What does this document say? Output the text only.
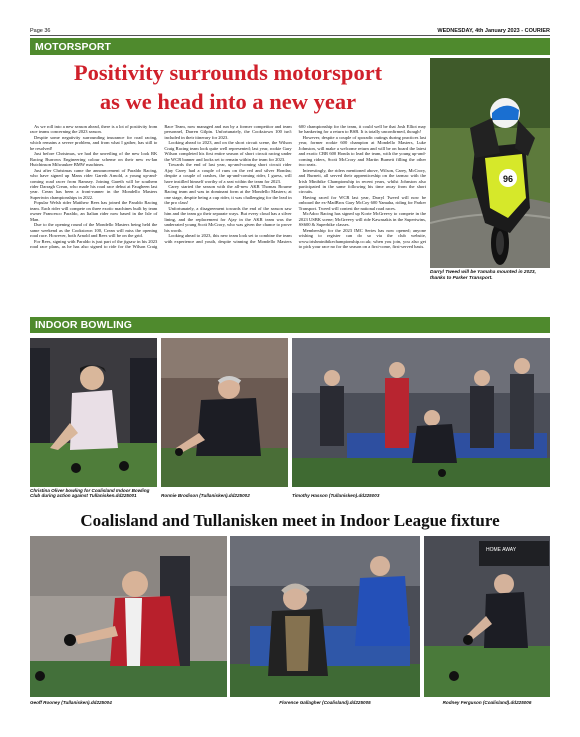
Page 36	WEDNESDAY, 4th January 2023 - COURIER
MOTORSPORT
Positivity surrounds motorsport
as we head into a new year

As we roll into a new season ahead, there is a lot of positivity from race teams concerning the 2023 season.

Despite some negativity surrounding insurance for road racing, which remains a severe problem, and from what I gather, has still to be resolved!

Just before Christmas, we had the unveiling of the new look RK Racing Burrows Engineering colour scheme on their new ex-Ian Hutchinson Milwaukee BMW machines.

Just after Christmas came the announcement of Paraldo Racing, who have signed up Manx rider Gareth Arnold, a young up-and-coming road racer from Ramsey. Joining Gareth will be southern rider Darragh Crean, who made his road race debut at Faugheen last year. Crean has been a front-runner in the Mondello Masters Supertwin championships in 2022.

Popular Welsh rider Matthew Rees has joined the Paraldo Racing team. Each rider will compete on three exotic machines built by team owner Francesco Paraldo, an Italian rider now based in the Isle of Man.

Due to the opening round of the Mondello Masters being held the same weekend as the Cookstown 100, Crean will miss the opening road race. However, both Arnold and Rees will be on the grid.

For Rees, signing with Paraldo is just part of the jigsaw in his 2023 road race plans, as he has also signed to ride for the Wilson Craig Race Team, now managed and run by a former competitor and team personnel, Darren Gilpin. Unfortunately, the Cookstown 100 isn't included in their itinerary for 2023.

Looking ahead to 2023, and on the short circuit scene, the Wilson Craig Racing team look quite well represented; last year, rookie Gary Wilson completed his first entire season of short circuit racing under the WCR banner and looks set to remain within the team for 2023.

Towards the end of last year, up-and-coming short circuit rider Ajay Carey had a couple of runs on the red and silver Hondas; despite a couple of crashes, the up-and-coming rider, I guess, will have instilled himself worthy of a seat within the team for 2023.

Carey started the season with the all-new AKR Thomas Bourne Racing team and was in dominant form at the Mondello Masters; at one stage, despite being a cup rider, it was challenging for the lead in the pro class!

Unfortunately, a disagreement towards the end of the season saw him and the team go their separate ways. But every cloud has a silver lining, and the replacement for Ajay in the AKR team was the underrated young Scott McCrory, who was given the chance to prove his worth.

Looking ahead to 2023, this new team look set to combine the team with experience and youth, despite winning the Mondello Masters 600 championship for the team, it could well be that Josh Elliot may be hankering for a return to BSB. It is totally unconfirmed, though!

However, despite a couple of sporadic outings during practices last year, former rookie 600 champion at Mondello Masters, Luke Johnston, will make a welcome return and will be on board the latest and exotic CBR 600 Honda to lead the team, with the young up-and-coming riders, Scott McCrory and Martin Burnett filling the other two seats.

Interestingly, the riders mentioned above, Wilson, Carey, McCrory, and Burnett, all served their apprenticeship on the tarmac with the Irish Minibike Championship in recent years, whilst Johnston also participated in the same following his time away from the short circuits.

Having raced for WCR last year, Darryl Tweed will now be onboard the ex-MadBros Gary McCoy 600 Yamaha, riding for Parker Transport. Tweed will contest the national road races.

McAdoo Racing has signed up Korie McGreevy to compete in the 2023 USBK scene; McGreevy will ride Kawasakis in the Supertwins, SS600 & Superbike classes.

Membership for the 2023 IMC Series has now opened; anyone wishing to register can do so via the club website, www.irishminibikechampionship.co.uk; when you join, you also get to pick your race no for the season on a first-come, first-served basis.

96
Darryl Tweed will be Yamaha mounted in 2023, thanks to Parker Transport.
INDOOR BOWLING
Christina Oliver bowling for Coalisland Indoor Bowling Club during action against Tullanisken.dd225001	Ronnie Brodison (Tullanisken).dd225002	Timothy Hasson (Tullanisken).dd225003
Coalisland and Tullanisken meet in Indoor League fixture
HOME AWAY
Geoff Rooney (Tullanisken).dd225004	Florence Gallagher (Coalisland).dd225005	Rodney Ferguson (Coalisland).dd225006
